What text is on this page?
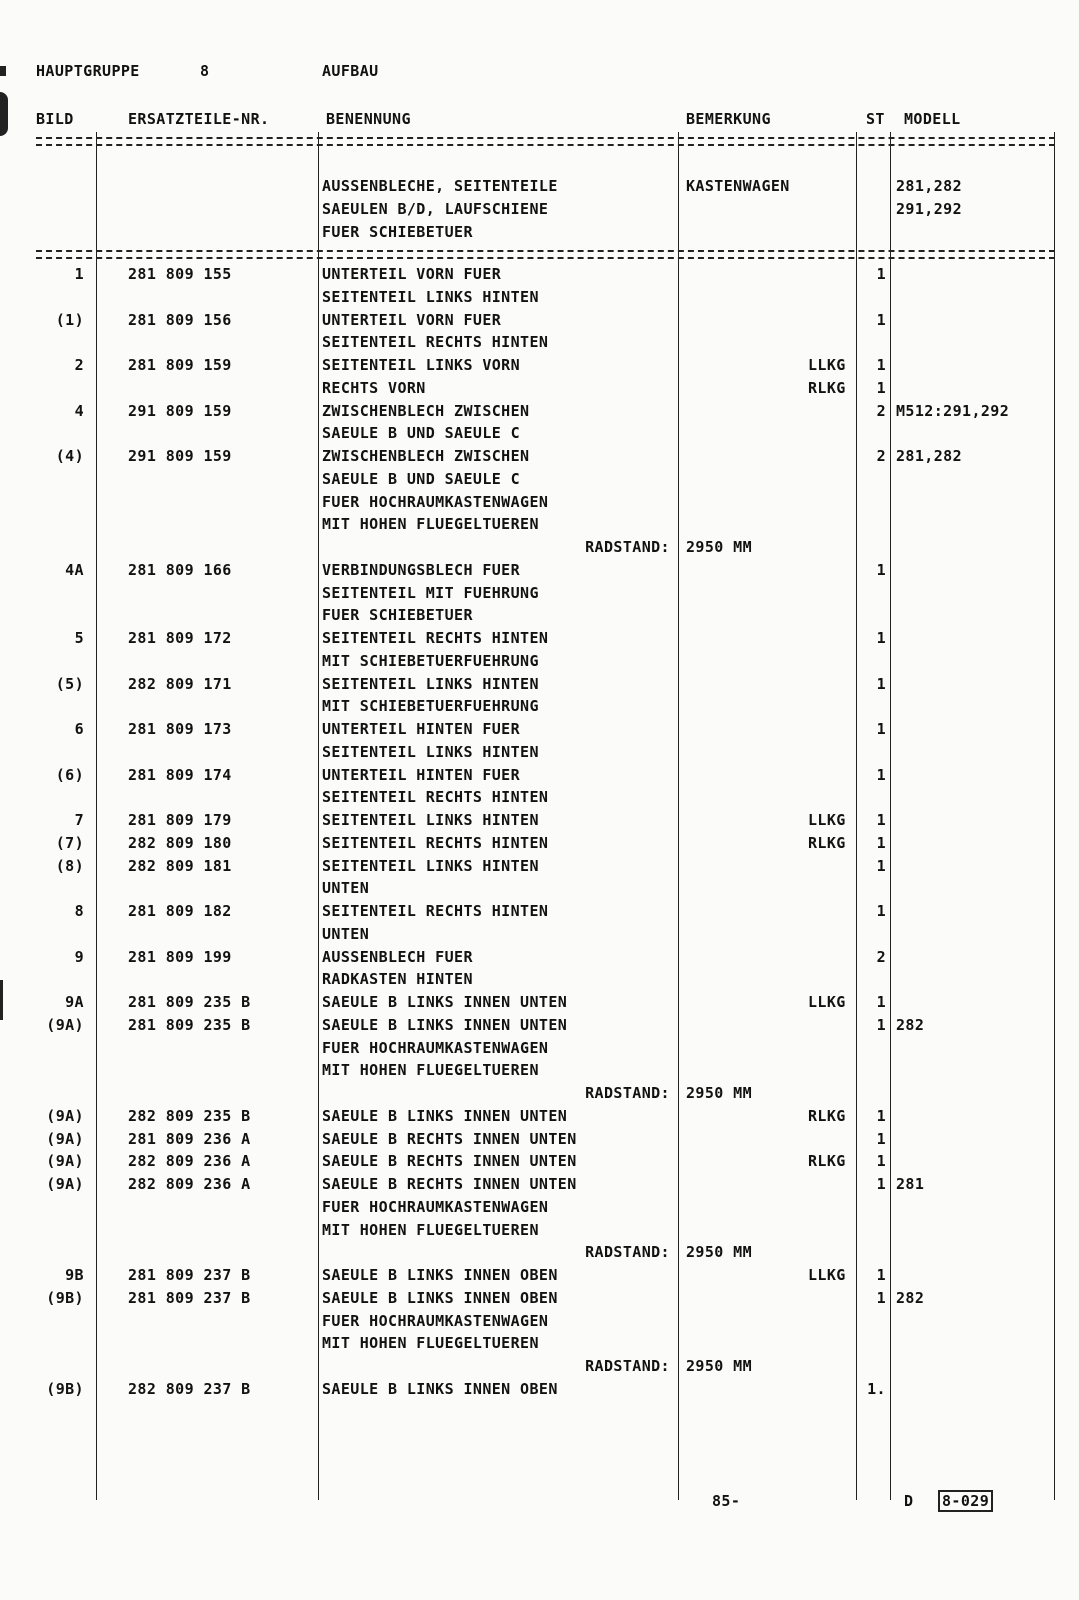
HAUPTGRUPPE	8	AUFBAU
BILD	ERSATZTEILE-NR.	BENENNUNG	BEMERKUNG	ST MODELL
AUSSENBLECHE, SEITENTEILE	KASTENWAGEN	281,282
SAEULEN B/D, LAUFSCHIENE	291,292
FUER SCHIEBETUER
1	281 809 155	UNTERTEIL VORN FUER	1
SEITENTEIL LINKS HINTEN
(1)	281 809 156	UNTERTEIL VORN FUER	1
SEITENTEIL RECHTS HINTEN
2	281 809 159	SEITENTEIL LINKS VORN	LLKG	1
RECHTS VORN	RLKG	1
4	291 809 159	ZWISCHENBLECH ZWISCHEN	2 M512:291,292
SAEULE B UND SAEULE C
(4)	291 809 159	ZWISCHENBLECH ZWISCHEN	2 281,282
SAEULE B UND SAEULE C
FUER HOCHRAUMKASTENWAGEN
MIT HOHEN FLUEGELTUEREN
RADSTAND: 2950 MM
4A	281 809 166	VERBINDUNGSBLECH FUER	1
SEITENTEIL MIT FUEHRUNG
FUER SCHIEBETUER
5	281 809 172	SEITENTEIL RECHTS HINTEN	1
MIT SCHIEBETUERFUEHRUNG
(5)	282 809 171	SEITENTEIL LINKS HINTEN	1
MIT SCHIEBETUERFUEHRUNG
6	281 809 173	UNTERTEIL HINTEN FUER	1
SEITENTEIL LINKS HINTEN
(6)	281 809 174	UNTERTEIL HINTEN FUER	1
SEITENTEIL RECHTS HINTEN
7	281 809 179	SEITENTEIL LINKS HINTEN	LLKG	1
(7)	282 809 180	SEITENTEIL RECHTS HINTEN	RLKG	1
(8)	282 809 181	SEITENTEIL LINKS HINTEN	1
UNTEN
8	281 809 182	SEITENTEIL RECHTS HINTEN	1
UNTEN
9	281 809 199	AUSSENBLECH FUER	2
RADKASTEN HINTEN
9A	281 809 235 B	SAEULE B LINKS INNEN UNTEN	LLKG	1
(9A)	281 809 235 B	SAEULE B LINKS INNEN UNTEN	1 282
FUER HOCHRAUMKASTENWAGEN
MIT HOHEN FLUEGELTUEREN
RADSTAND: 2950 MM
(9A)	282 809 235 B	SAEULE B LINKS INNEN UNTEN	RLKG	1
(9A)	281 809 236 A	SAEULE B RECHTS INNEN UNTEN	1
(9A)	282 809 236 A	SAEULE B RECHTS INNEN UNTEN	RLKG	1
(9A)	282 809 236 A	SAEULE B RECHTS INNEN UNTEN	1 281
FUER HOCHRAUMKASTENWAGEN
MIT HOHEN FLUEGELTUEREN
RADSTAND: 2950 MM
9B	281 809 237 B	SAEULE B LINKS INNEN OBEN	LLKG	1
(9B)	281 809 237 B	SAEULE B LINKS INNEN OBEN	1 282
FUER HOCHRAUMKASTENWAGEN
MIT HOHEN FLUEGELTUEREN
RADSTAND: 2950 MM
(9B)	282 809 237 B	SAEULE B LINKS INNEN OBEN	1.
85-	D 8-029
